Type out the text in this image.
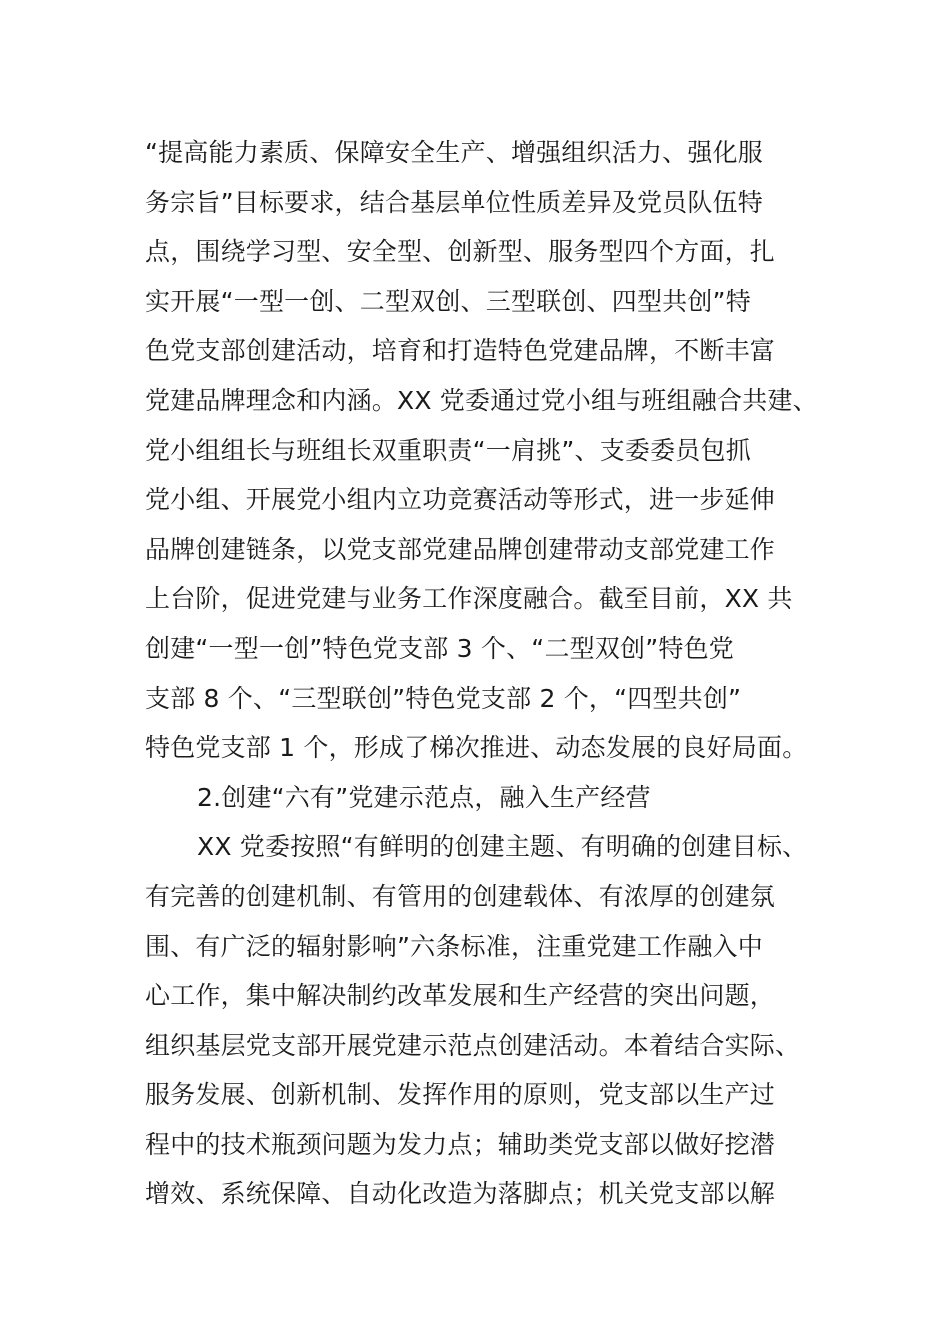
“提高能力素质、保障安全生产、增强组织活力、强化服
务宗旨”目标要求，结合基层单位性质差异及党员队伍特
点，围绕学习型、安全型、创新型、服务型四个方面，扎
实开展“一型一创、二型双创、三型联创、四型共创”特
色党支部创建活动，培育和打造特色党建品牌，不断丰富
党建品牌理念和内涵。XX 党委通过党小组与班组融合共建、
党小组组长与班组长双重职责“一肩挑”、支委委员包抓
党小组、开展党小组内立功竞赛活动等形式，进一步延伸
品牌创建链条，以党支部党建品牌创建带动支部党建工作
上台阶，促进党建与业务工作深度融合。截至目前，XX 共
创建“一型一创”特色党支部 3 个、“二型双创”特色党
支部 8 个、“三型联创”特色党支部 2 个，“四型共创”
特色党支部 1 个，形成了梯次推进、动态发展的良好局面。
2.创建“六有”党建示范点，融入生产经营
XX 党委按照“有鲜明的创建主题、有明确的创建目标、
有完善的创建机制、有管用的创建载体、有浓厚的创建氛
围、有广泛的辐射影响”六条标准，注重党建工作融入中
心工作，集中解决制约改革发展和生产经营的突出问题，
组织基层党支部开展党建示范点创建活动。本着结合实际、
服务发展、创新机制、发挥作用的原则，党支部以生产过
程中的技术瓶颈问题为发力点；辅助类党支部以做好挖潜
增效、系统保障、自动化改造为落脚点；机关党支部以解
